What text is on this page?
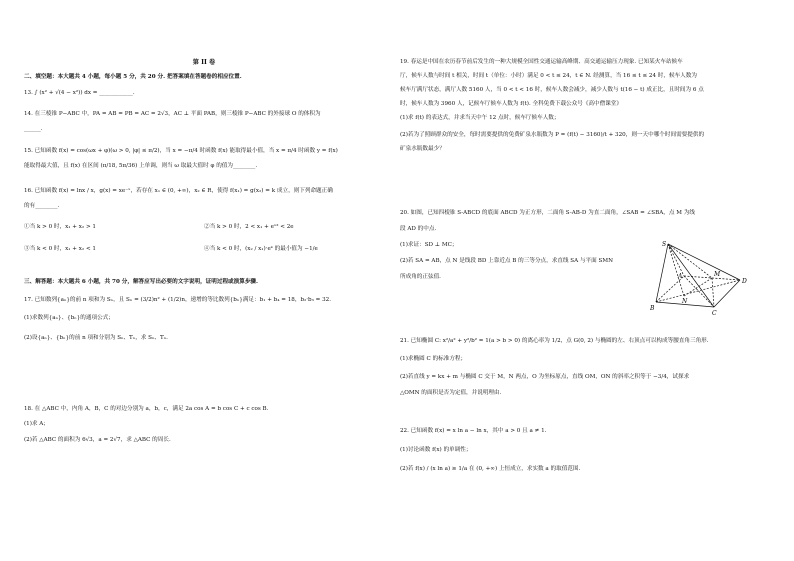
第 II 卷
二、填空题：本大题共 4 小题，每小题 5 分，共 20 分. 把答案填在答题卷的相应位置.
13. ∫ (x² + √(4 − x²)) dx = ____________.
14. 在三棱锥 P−ABC 中，PA = AB = PB = AC = 2√3，AC ⊥ 平面 PAB，则三棱锥 P−ABC 的外接球 O 的体积为
______.
15. 已知函数 f(x) = cos(ωx + φ)(ω > 0, |φ| ≤ π/2)，当 x = −π/4 时函数 f(x) 能取得最小值，当 x = π/4 时函数 y = f(x)
能取得最大值，且 f(x) 在区间 (π/18, 5π/36) 上单调，则当 ω 取最大值时 φ 的值为________.
16. 已知函数 f(x) = lnx / x，g(x) = xe⁻ˣ，若存在 x₁ ∈ (0, +∞)，x₂ ∈ R，使得 f(x₁) = g(x₂) = k 成立，则下列命题正确
的有________.
①当 k > 0 时，x₁ + x₂ > 1	②当 k > 0 时，2 < x₁ + eˣ² < 2e
③当 k < 0 时，x₁ + x₂ < 1	④当 k < 0 时，(x₂ / x₁)·eᵏ 的最小值为 −1/e
三、解答题：本大题共 6 小题，共 70 分，解答应写出必要的文字说明，证明过程或演算步骤.
17. 已知数列{aₙ}的前 n 项和为 Sₙ，且 Sₙ = (3/2)n² + (1/2)n，递增的等比数列{bₙ}满足：b₁ + b₄ = 18，b₂·b₃ = 32.
(1)求数列{aₙ}、{bₙ}的通项公式；
(2)设{aₙ}、{bₙ}的前 n 项和分别为 Sₙ、Tₙ，求 Sₙ、Tₙ.
18. 在 △ABC 中，内角 A，B，C 的对边分别为 a，b，c，满足 2a cos A = b cos C + c cos B.
(1)求 A；
(2)若 △ABC 的面积为 6√3，a = 2√7，求 △ABC 的周长.
19. 春运是中国在农历春节前后发生的一种大规模全国性交通运输高峰期、高交通运输压力现象. 已知某火车站候车
厅，候车人数与时间 t 相关，时间 t（单位：小时）满足 0 < t ≤ 24，t ∈ N. 经测算，当 16 ≤ t ≤ 24 时，候车人数为
候车厅满厅状态，满厅人数 5160 人，当 0 < t < 16 时，候车人数会减少，减少人数与 t(16 − t) 成正比，且时间为 6 点
时，候车人数为 3960 人，记候车厅候车人数为 f(t). 全科免费下载公众号《高中僧课堂》
(1)求 f(t) 的表达式，并求当天中午 12 点时，候车厅候车人数；
(2)若为了照顾群众的安全，每时需要提供的免费矿泉水瓶数为 P = (f(t) − 3160)/t + 320，则一天中哪个时间需要提供的
矿泉水瓶数最少？
20. 如图，已知四棱锥 S-ABCD 的底面 ABCD 为正方形，二面角 S-AB-D 为直二面角，∠SAB = ∠SBA，点 M 为线
段 AD 的中点.
(1)求证：SD ⊥ MC；
(2)若 SA = AB，点 N 是线段 BD 上靠近点 B 的三等分点，求直线 SA 与平面 SMN
所成角的正弦值.
S
A
B
C
D
M
N
21. 已知椭圆 C: x²/a² + y²/b² = 1(a > b > 0) 的离心率为 1/2，点 G(0, 2) 与椭圆的左、右顶点可以构成等腰直角三角形.
(1)求椭圆 C 的标准方程；
(2)若直线 y = kx + m 与椭圆 C 交于 M，N 两点，O 为坐标原点，直线 OM，ON 的斜率之积等于 −3/4，试探求
△OMN 的面积是否为定值，并说明理由.
22. 已知函数 f(x) = x ln a − ln x，其中 a > 0 且 a ≠ 1.
(1)讨论函数 f(x) 的单调性；
(2)若 f(x) / (x ln a) ≥ 1/a 在 (0, +∞) 上恒成立，求实数 a 的取值范围.
